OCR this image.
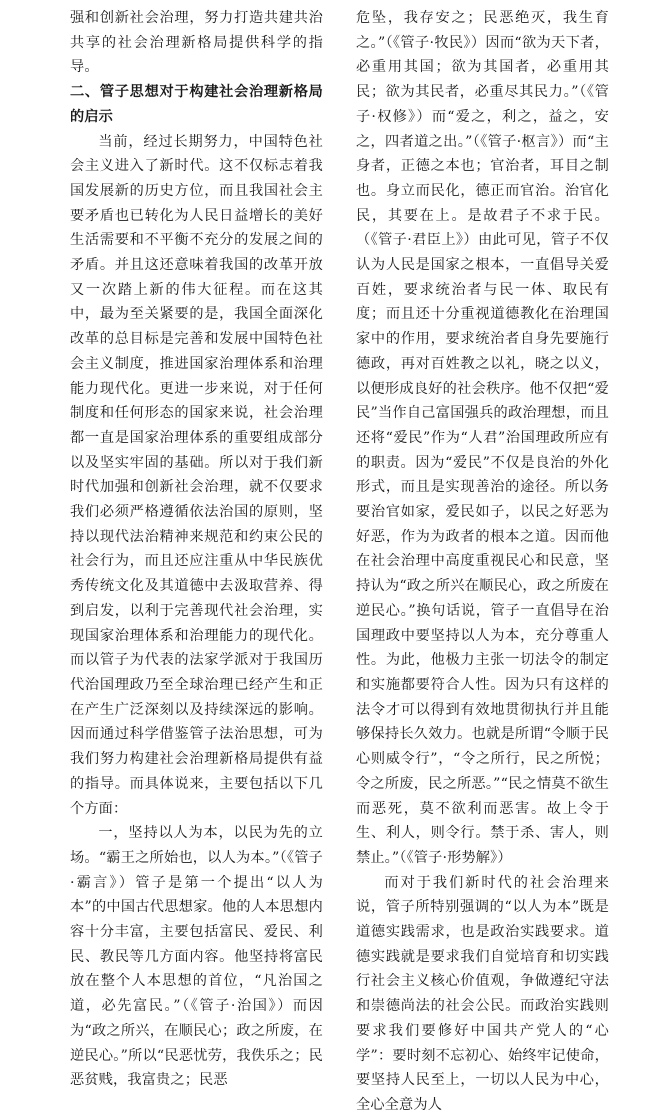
强和创新社会治理，努力打造共建共治共享的社会治理新格局提供科学的指导。

二、管子思想对于构建社会治理新格局的启示

当前，经过长期努力，中国特色社会主义进入了新时代。这不仅标志着我国发展新的历史方位，而且我国社会主要矛盾也已转化为人民日益增长的美好生活需要和不平衡不充分的发展之间的矛盾。并且这还意味着我国的改革开放又一次踏上新的伟大征程。而在这其中，最为至关紧要的是，我国全面深化改革的总目标是完善和发展中国特色社会主义制度，推进国家治理体系和治理能力现代化。更进一步来说，对于任何制度和任何形态的国家来说，社会治理都一直是国家治理体系的重要组成部分以及坚实牢固的基础。所以对于我们新时代加强和创新社会治理，就不仅要求我们必须严格遵循依法治国的原则，坚持以现代法治精神来规范和约束公民的社会行为，而且还应注重从中华民族优秀传统文化及其道德中去汲取营养、得到启发，以利于完善现代社会治理，实现国家治理体系和治理能力的现代化。而以管子为代表的法家学派对于我国历代治国理政乃至全球治理已经产生和正在产生广泛深刻以及持续深远的影响。因而通过科学借鉴管子法治思想，可为我们努力构建社会治理新格局提供有益的指导。而具体说来，主要包括以下几个方面：

一，坚持以人为本，以民为先的立场。“霸王之所始也，以人为本。”（《管子·霸言》）管子是第一个提出“以人为本”的中国古代思想家。他的人本思想内容十分丰富，主要包括富民、爱民、利民、教民等几方面内容。他坚持将富民放在整个人本思想的首位，“凡治国之道，必先富民。”（《管子·治国》）而因为“政之所兴，在顺民心；政之所废，在逆民心。”所以“民恶忧劳，我佚乐之；民恶贫贱，我富贵之；民恶

危坠，我存安之；民恶绝灭，我生育之。”（《管子·牧民》）因而“欲为天下者，必重用其国；欲为其国者，必重用其民；欲为其民者，必重尽其民力。”（《管子·权修》）而“爱之，利之，益之，安之，四者道之出。”（《管子·枢言》）而“主身者，正德之本也；官治者，耳目之制也。身立而民化，德正而官治。治官化民，其要在上。是故君子不求于民。（《管子·君臣上》）由此可见，管子不仅认为人民是国家之根本，一直倡导关爱百姓，要求统治者与民一体、取民有度；而且还十分重视道德教化在治理国家中的作用，要求统治者自身先要施行德政，再对百姓教之以礼，晓之以义，以便形成良好的社会秩序。他不仅把“爱民”当作自己富国强兵的政治理想，而且还将“爱民”作为“人君”治国理政所应有的职责。因为“爱民”不仅是良治的外化形式，而且是实现善治的途径。所以务要治官如家，爱民如子，以民之好恶为好恶，作为为政者的根本之道。因而他在社会治理中高度重视民心和民意，坚持认为“政之所兴在顺民心，政之所废在逆民心。”换句话说，管子一直倡导在治国理政中要坚持以人为本，充分尊重人性。为此，他极力主张一切法令的制定和实施都要符合人性。因为只有这样的法令才可以得到有效地贯彻执行并且能够保持长久效力。也就是所谓“令顺于民心则威令行”，“令之所行，民之所悦；令之所废，民之所恶。”“民之情莫不欲生而恶死，莫不欲利而恶害。故上令于生、利人，则令行。禁于杀、害人，则禁止。”（《管子·形势解》）

而对于我们新时代的社会治理来说，管子所特别强调的“以人为本”既是道德实践需求，也是政治实践要求。道德实践就是要求我们自觉培育和切实践行社会主义核心价值观，争做遵纪守法和崇德尚法的社会公民。而政治实践则要求我们要修好中国共产党人的“心学”：要时刻不忘初心、始终牢记使命，要坚持人民至上，一切以人民为中心，全心全意为人
